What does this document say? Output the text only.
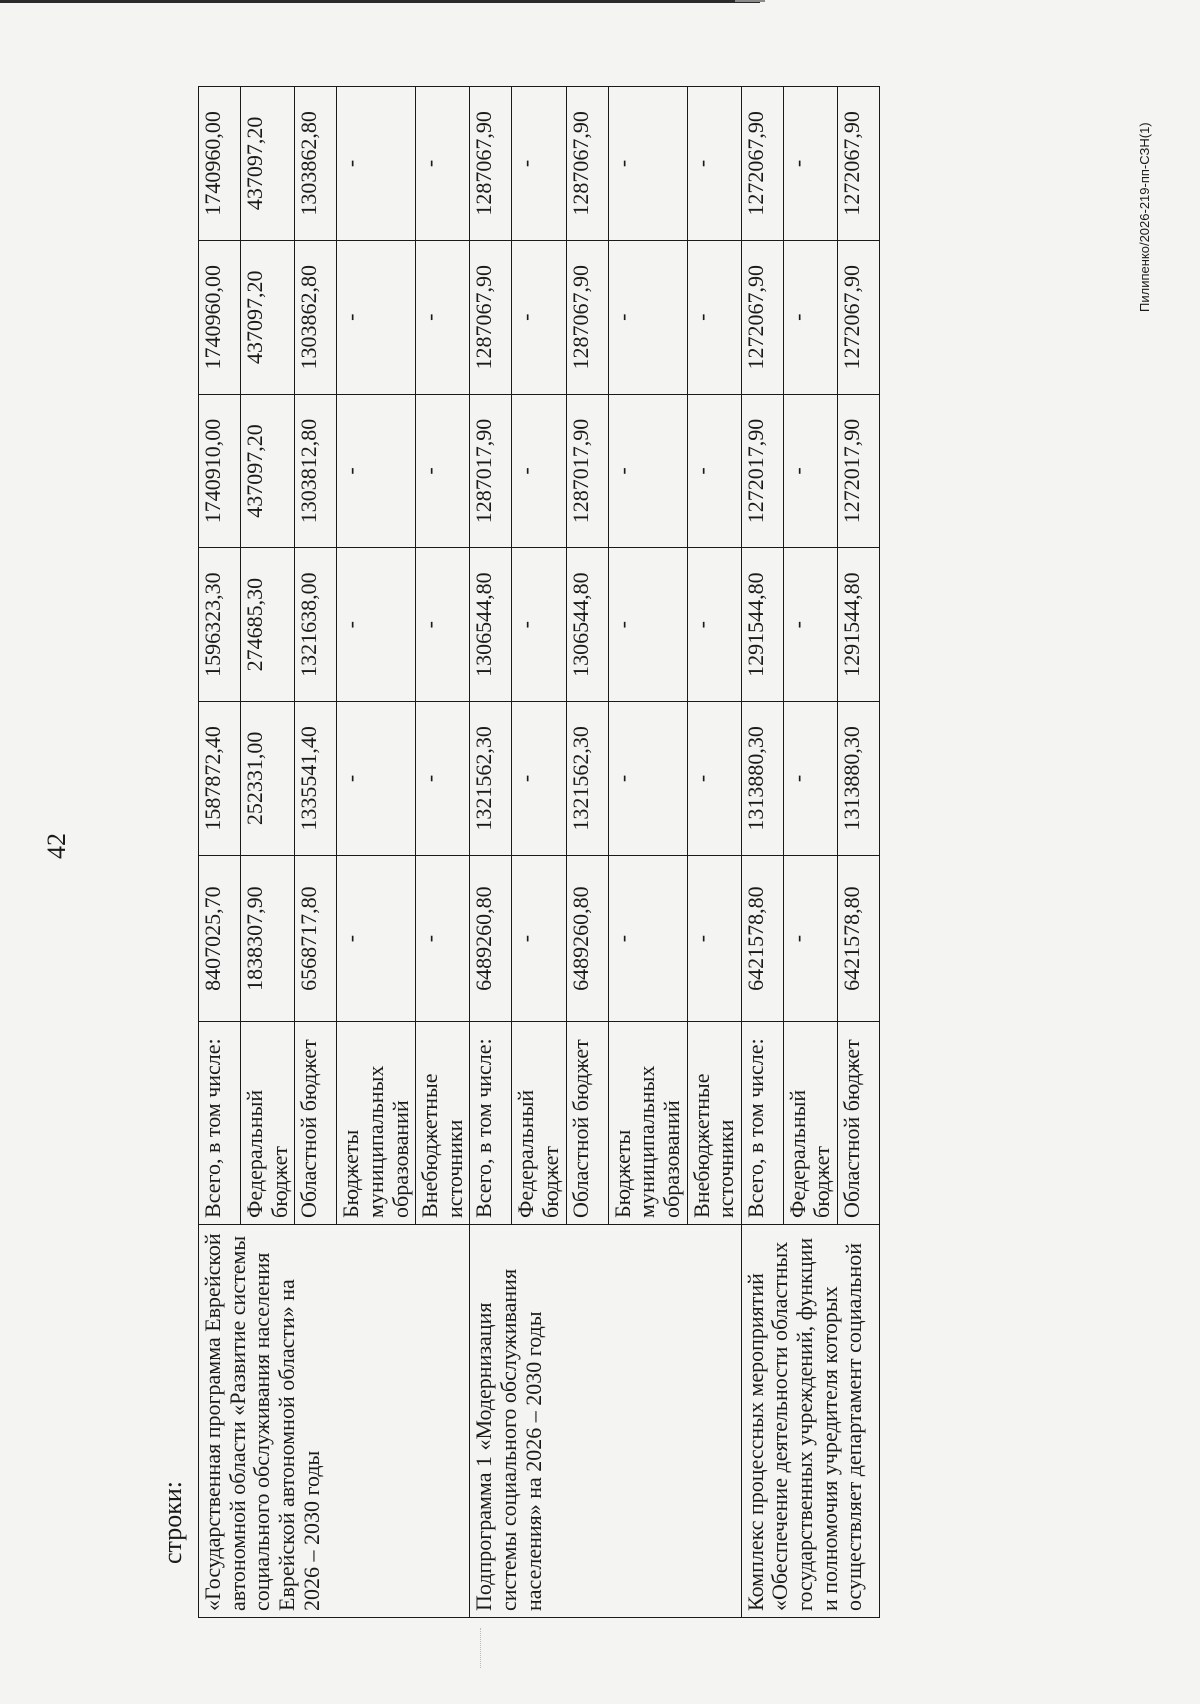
42
строки: «Государственная программа Еврейской автономной области «Развитие системы социального обслуживания населения Еврейской автономной области» на 2026 – 2030 годы	Всего, в том числе:	8407025,70	1587872,40	1596323,30	1740910,00	1740960,00	1740960,00
	Федеральный бюджет	1838307,90	252331,00	274685,30	437097,20	437097,20	437097,20
	Областной бюджет	6568717,80	1335541,40	1321638,00	1303812,80	1303862,80	1303862,80
	Бюджеты муниципальных образований	-	-	-	-	-	-
	Внебюджетные источники	-	-	-	-	-	-
Подпрограмма 1 «Модернизация системы социального обслуживания населения» на 2026 – 2030 годы	Всего, в том числе:	6489260,80	1321562,30	1306544,80	1287017,90	1287067,90	1287067,90
	Федеральный бюджет	-	-	-	-	-	-
	Областной бюджет	6489260,80	1321562,30	1306544,80	1287017,90	1287067,90	1287067,90
	Бюджеты муниципальных образований	-	-	-	-	-	-
	Внебюджетные источники	-	-	-	-	-	-
Комплекс процессных мероприятий «Обеспечение деятельности областных государственных учреждений, функции и полномочия учредителя которых осуществляет департамент социальной	Всего, в том числе:	6421578,80	1313880,30	1291544,80	1272017,90	1272067,90	1272067,90
	Федеральный бюджет	-	-	-	-	-	-
	Областной бюджет	6421578,80	1313880,30	1291544,80	1272017,90	1272067,90	1272067,90	Пилипенко/2026-219-пп-СЗН(1)
